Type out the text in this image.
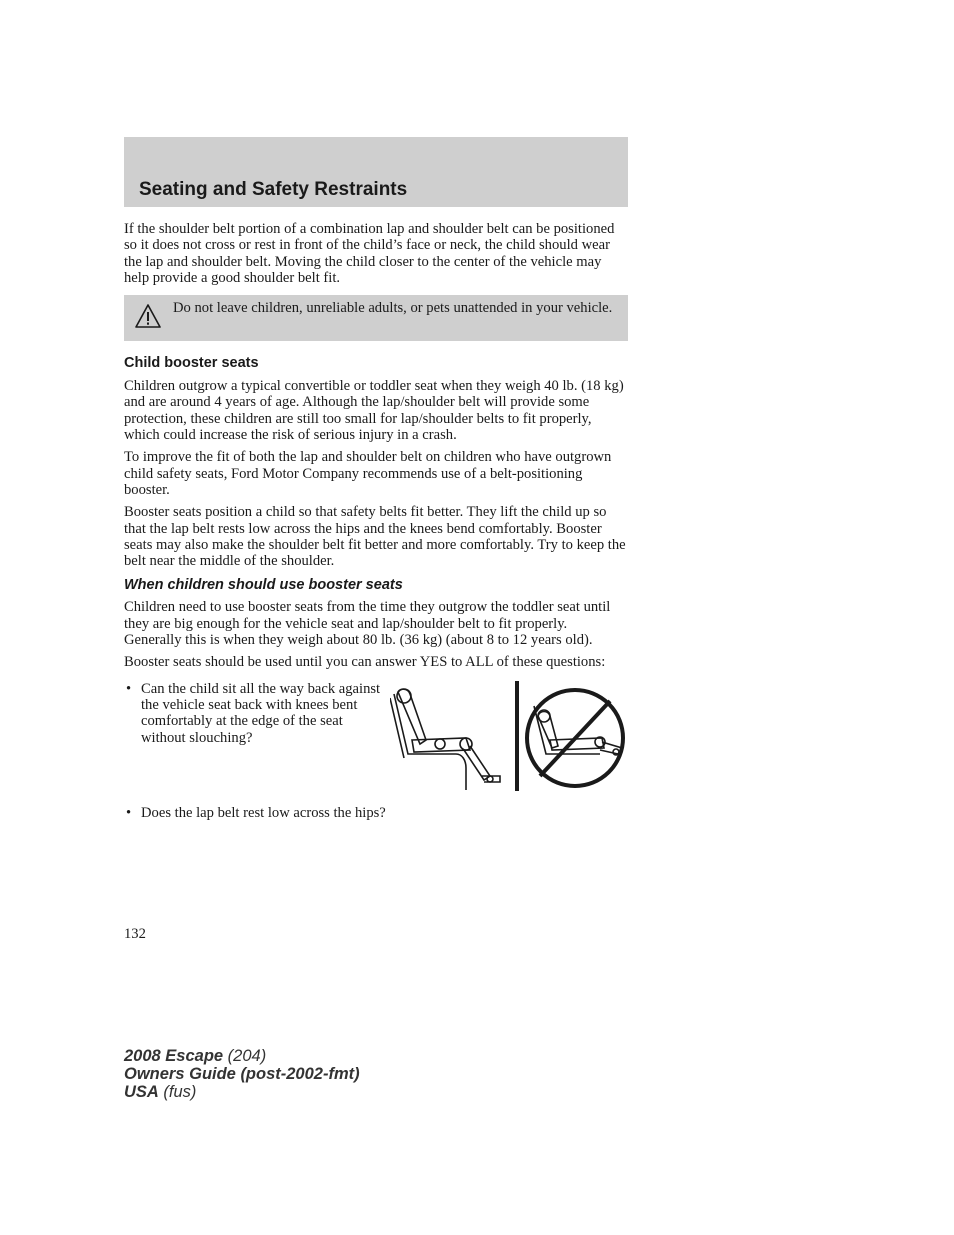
Seating and Safety Restraints

If the shoulder belt portion of a combination lap and shoulder belt can be positioned so it does not cross or rest in front of the child’s face or neck, the child should wear the lap and shoulder belt. Moving the child closer to the center of the vehicle may help provide a good shoulder belt fit.

Do not leave children, unreliable adults, or pets unattended in your vehicle.
Child booster seats

Children outgrow a typical convertible or toddler seat when they weigh 40 lb. (18 kg) and are around 4 years of age. Although the lap/shoulder belt will provide some protection, these children are still too small for lap/shoulder belts to fit properly, which could increase the risk of serious injury in a crash.

To improve the fit of both the lap and shoulder belt on children who have outgrown child safety seats, Ford Motor Company recommends use of a belt-positioning booster.

Booster seats position a child so that safety belts fit better. They lift the child up so that the lap belt rests low across the hips and the knees bend comfortably. Booster seats may also make the shoulder belt fit better and more comfortably. Try to keep the belt near the middle of the shoulder.

When children should use booster seats

Children need to use booster seats from the time they outgrow the toddler seat until they are big enough for the vehicle seat and lap/shoulder belt to fit properly. Generally this is when they weigh about 80 lb. (36 kg) (about 8 to 12 years old).

Booster seats should be used until you can answer YES to ALL of these questions:

• Can the child sit all the way back against the vehicle seat back with knees bent comfortably at the edge of the seat without slouching?
• Does the lap belt rest low across the hips?
132
2008 Escape (204)
Owners Guide (post-2002-fmt)
USA (fus)
